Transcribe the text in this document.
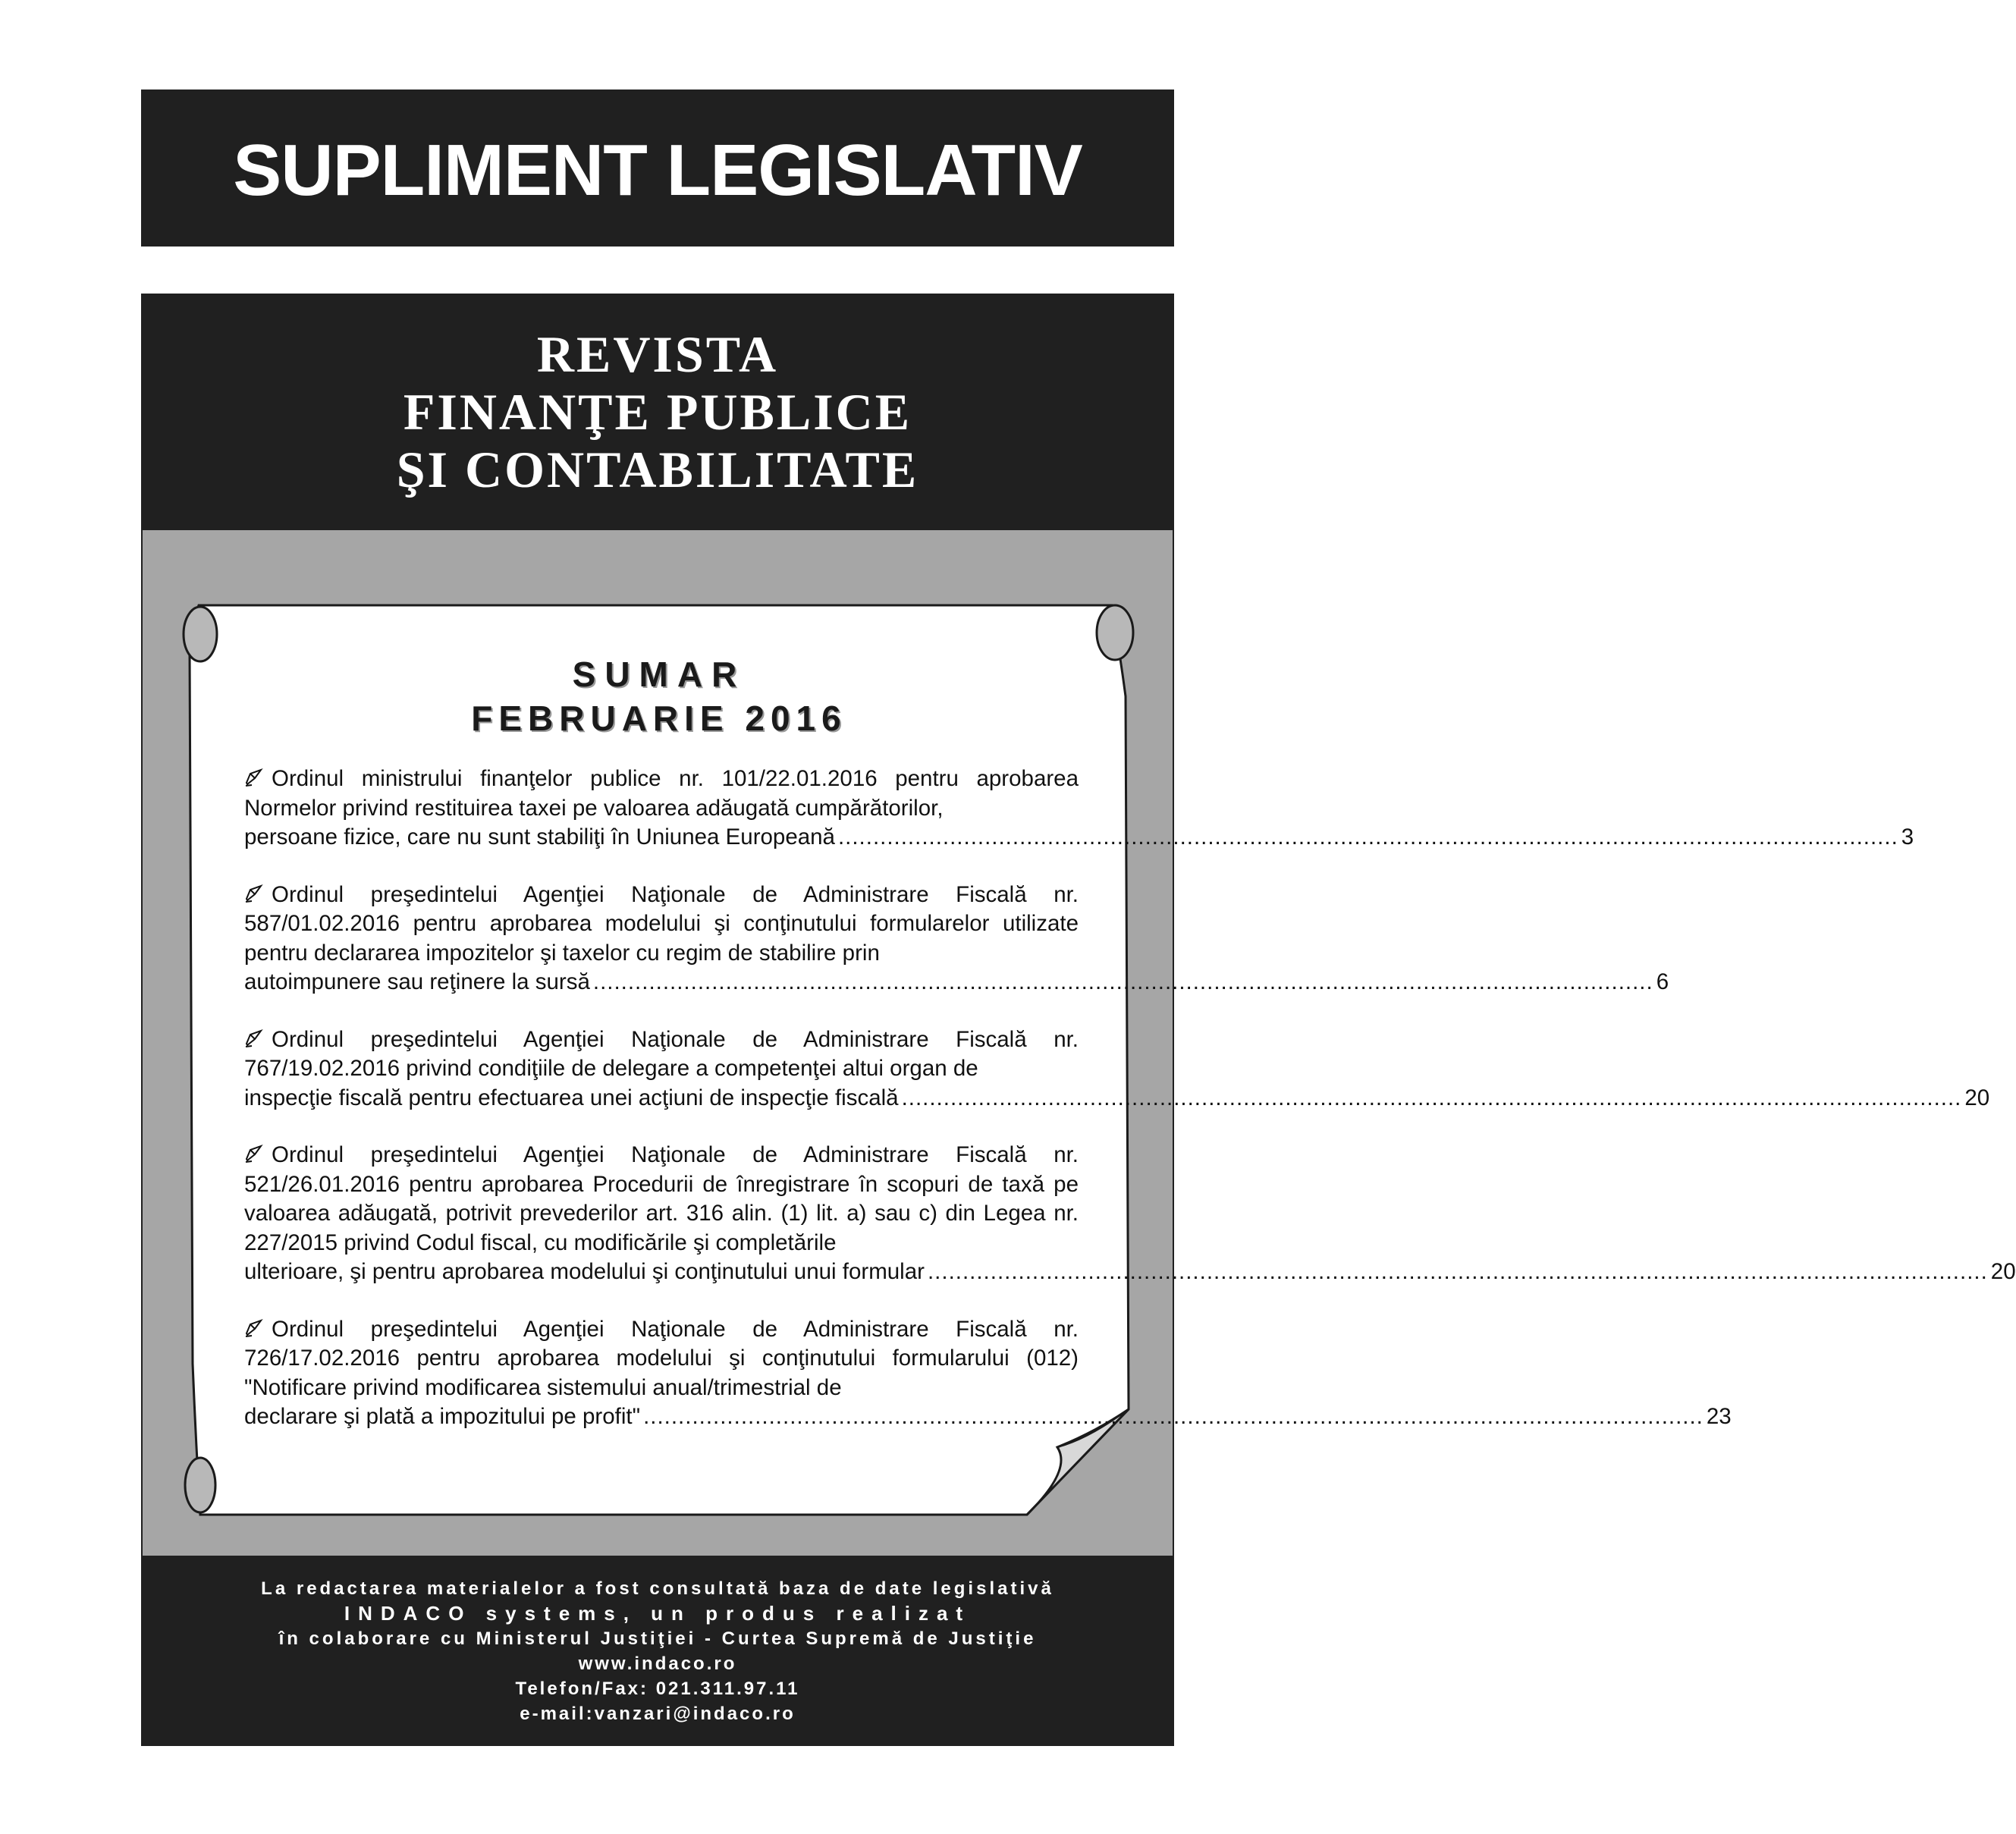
SUPLIMENT LEGISLATIV
REVISTA
FINANŢE PUBLICE
ŞI CONTABILITATE
SUMAR
FEBRUARIE 2016
Ordinul ministrului finanţelor publice nr. 101/22.01.2016 pentru aprobarea Normelor privind restituirea taxei pe valoarea adăugată cumpărătorilor,
persoane fizice, care nu sunt stabiliţi în Uniunea Europeană ........................................................................................................................................................ 3
Ordinul preşedintelui Agenţiei Naţionale de Administrare Fiscală nr. 587/01.02.2016 pentru aprobarea modelului şi conţinutului formularelor utilizate pentru declararea impozitelor şi taxelor cu regim de stabilire prin
autoimpunere sau reţinere la sursă ........................................................................................................................................................ 6
Ordinul preşedintelui Agenţiei Naţionale de Administrare Fiscală nr. 767/19.02.2016 privind condiţiile de delegare a competenţei altui organ de
inspecţie fiscală pentru efectuarea unei acţiuni de inspecţie fiscală ........................................................................................................................................................ 20
Ordinul preşedintelui Agenţiei Naţionale de Administrare Fiscală nr. 521/26.01.2016 pentru aprobarea Procedurii de înregistrare în scopuri de taxă pe valoarea adăugată, potrivit prevederilor art. 316 alin. (1) lit. a) sau c) din Legea nr. 227/2015 privind Codul fiscal, cu modificările şi completările
ulterioare, şi pentru aprobarea modelului şi conţinutului unui formular ........................................................................................................................................................ 20
Ordinul preşedintelui Agenţiei Naţionale de Administrare Fiscală nr. 726/17.02.2016 pentru aprobarea modelului şi conţinutului formularului (012) "Notificare privind modificarea sistemului anual/trimestrial de
declarare şi plată a impozitului pe profit" ........................................................................................................................................................ 23
La redactarea materialelor a fost consultată baza de date legislativă
INDACO systems, un produs realizat
în colaborare cu Ministerul Justiţiei - Curtea Supremă de Justiţie
www.indaco.ro
Telefon/Fax: 021.311.97.11
e-mail:vanzari@indaco.ro
